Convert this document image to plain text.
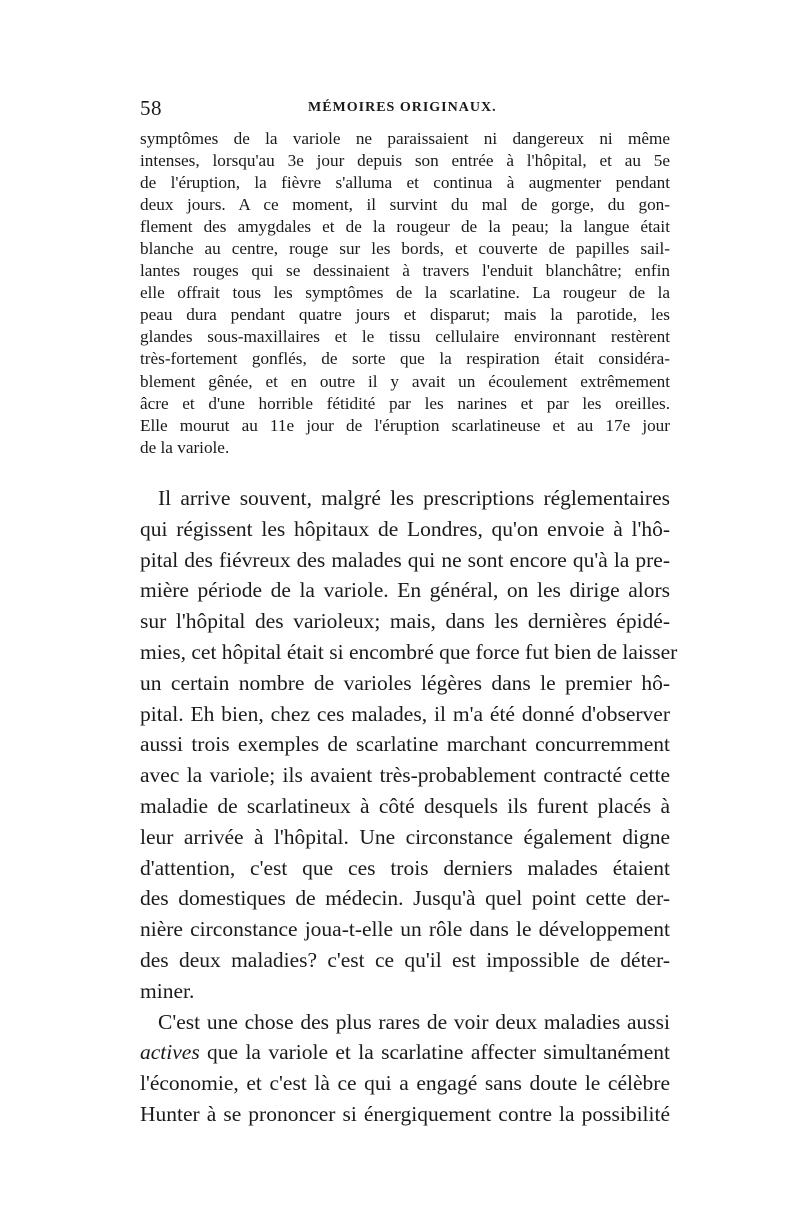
58	MÉMOIRES ORIGINAUX.
symptômes de la variole ne paraissaient ni dangereux ni même
intenses, lorsqu'au 3e jour depuis son entrée à l'hôpital, et au 5e
de l'éruption, la fièvre s'alluma et continua à augmenter pendant
deux jours. A ce moment, il survint du mal de gorge, du gon-
flement des amygdales et de la rougeur de la peau; la langue était
blanche au centre, rouge sur les bords, et couverte de papilles sail-
lantes rouges qui se dessinaient à travers l'enduit blanchâtre; enfin
elle offrait tous les symptômes de la scarlatine. La rougeur de la
peau dura pendant quatre jours et disparut; mais la parotide, les
glandes sous-maxillaires et le tissu cellulaire environnant restèrent
très-fortement gonflés, de sorte que la respiration était considéra-
blement gênée, et en outre il y avait un écoulement extrêmement
âcre et d'une horrible fétidité par les narines et par les oreilles.
Elle mourut au 11e jour de l'éruption scarlatineuse et au 17e jour
de la variole.
Il arrive souvent, malgré les prescriptions réglementaires
qui régissent les hôpitaux de Londres, qu'on envoie à l'hô-
pital des fiévreux des malades qui ne sont encore qu'à la pre-
mière période de la variole. En général, on les dirige alors
sur l'hôpital des varioleux; mais, dans les dernières épidé-
mies, cet hôpital était si encombré que force fut bien de laisser
un certain nombre de varioles légères dans le premier hô-
pital. Eh bien, chez ces malades, il m'a été donné d'observer
aussi trois exemples de scarlatine marchant concurremment
avec la variole; ils avaient très-probablement contracté cette
maladie de scarlatineux à côté desquels ils furent placés à
leur arrivée à l'hôpital. Une circonstance également digne
d'attention, c'est que ces trois derniers malades étaient
des domestiques de médecin. Jusqu'à quel point cette der-
nière circonstance joua-t-elle un rôle dans le développement
des deux maladies? c'est ce qu'il est impossible de déter-
miner.
C'est une chose des plus rares de voir deux maladies aussi
actives que la variole et la scarlatine affecter simultanément
l'économie, et c'est là ce qui a engagé sans doute le célèbre
Hunter à se prononcer si énergiquement contre la possibilité
